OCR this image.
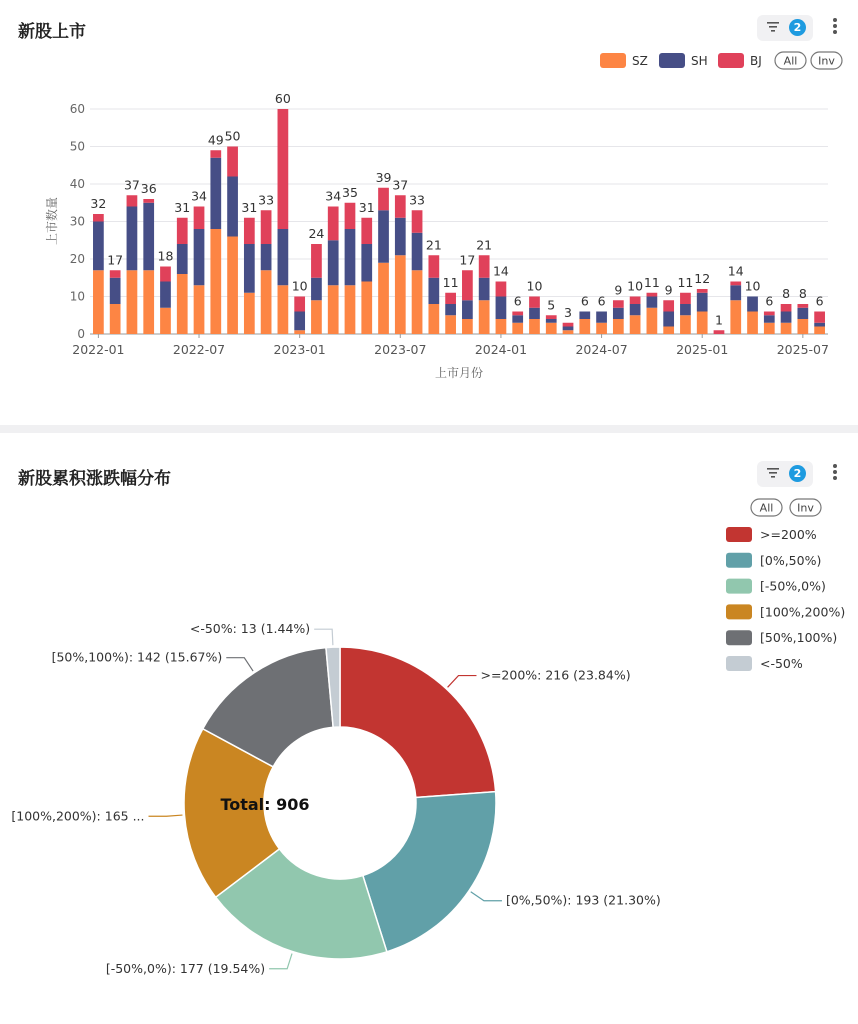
新股上市	2
0
10
20
30
40
50
60
上市数量
上市月份
2022-01	2022-07	2023-01	2023-07	2024-01	2024-07	2025-01	2025-07
32
17
37 36
18
31
34
49 50
31 33
60
10
24
34 35
31
39 37
33
21
11
17
21
14
6
10
5 3
6 6
9 10 11 9 11 12
1
14
10
6 8 8 6
SZ	SH	BJ All Inv
新股累积涨跌幅分布	2
>=200%: 216 (23.84%)
[0%,50%): 193 (21.30%)
[-50%,0%): 177 (19.54%)
[100%,200%): 165 ...
[50%,100%): 142 (15.67%)
<-50%: 13 (1.44%)
Total: 906
All Inv
>=200%
[0%,50%)
[-50%,0%)
[100%,200%)
[50%,100%)
<-50%
